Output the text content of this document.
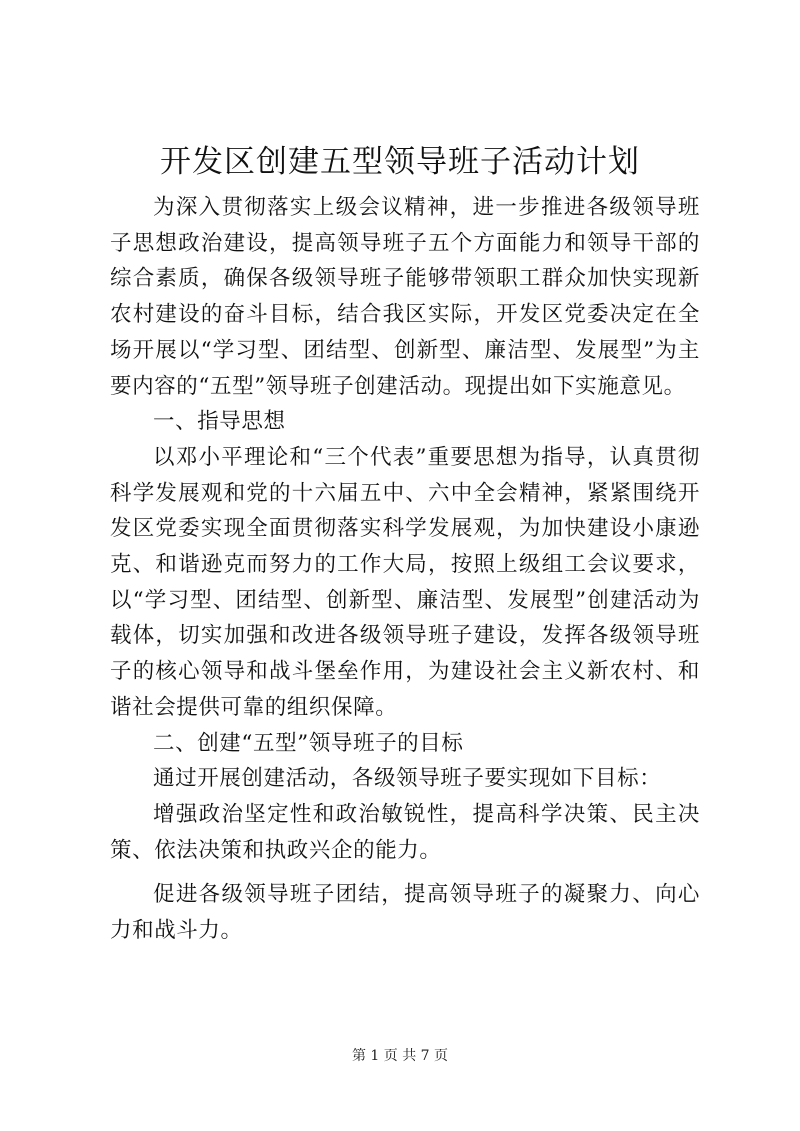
开发区创建五型领导班子活动计划

为深入贯彻落实上级会议精神，进一步推进各级领导班子思想政治建设，提高领导班子五个方面能力和领导干部的综合素质，确保各级领导班子能够带领职工群众加快实现新农村建设的奋斗目标，结合我区实际，开发区党委决定在全场开展以“学习型、团结型、创新型、廉洁型、发展型”为主要内容的“五型”领导班子创建活动。现提出如下实施意见。

一、指导思想

以邓小平理论和“三个代表”重要思想为指导，认真贯彻科学发展观和党的十六届五中、六中全会精神，紧紧围绕开发区党委实现全面贯彻落实科学发展观，为加快建设小康逊克、和谐逊克而努力的工作大局，按照上级组工会议要求，以“学习型、团结型、创新型、廉洁型、发展型”创建活动为载体，切实加强和改进各级领导班子建设，发挥各级领导班子的核心领导和战斗堡垒作用，为建设社会主义新农村、和谐社会提供可靠的组织保障。

二、创建“五型”领导班子的目标

通过开展创建活动，各级领导班子要实现如下目标：

增强政治坚定性和政治敏锐性，提高科学决策、民主决策、依法决策和执政兴企的能力。

促进各级领导班子团结，提高领导班子的凝聚力、向心力和战斗力。

第 1 页 共 7 页
